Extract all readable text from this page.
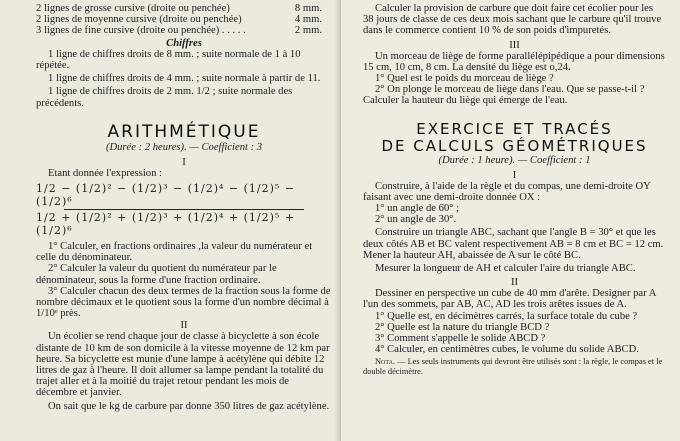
2 lignes de grosse cursive (droite ou penchée)	8 mm.
2 lignes de moyenne cursive (droite ou penchée)	4 mm.
3 lignes de fine cursive (droite ou penchée) . . . . .	2 mm.

Chiffres

1 ligne de chiffres droits de 8 mm. ; suite normale de 1 à 10 répétée.

1 ligne de chiffres droits de 4 mm. ; suite normale à partir de 11.

1 ligne de chiffres droits de 2 mm. 1/2 ; suite normale des précédents.

ARITHMÉTIQUE

(Durée : 2 heures). — Coefficient : 3

I

Etant donnée l'expression :

1/2 − (1/2)² − (1/2)³ − (1/2)⁴ − (1/2)⁵ − (1/2)⁶
1/2 + (1/2)² + (1/2)³ + (1/2)⁴ + (1/2)⁵ + (1/2)⁶

1° Calculer, en fractions ordinaires ,la valeur du numérateur et celle du dénominateur.

2° Calculer la valeur du quotient du numérateur par le dénominateur, sous la forme d'une fraction ordinaire.

3° Calculer chacun des deux termes de la fraction sous la forme de nombre décimaux et le quotient sous la forme d'un nombre décimal à 1/10ᵉ près.

II

Un écolier se rend chaque jour de classe à bicyclette à son école distante de 10 km de son domicile à la vitesse moyenne de 12 km par heure. Sa bicyclette est munie d'une lampe à acétylène qui débite 12 litres de gaz à l'heure. Il doit allumer sa lampe pendant la totalité du trajet aller et à la moitié du trajet retour pendant les mois de décembre et janvier.

On sait que le kg de carbure par donne 350 litres de gaz acétylène.

Calculer la provision de carbure que doit faire cet écolier pour les 38 jours de classe de ces deux mois sachant que le carbure qu'il trouve dans le commerce contient 10 % de son poids d'impuretés.

III

Un morceau de liège de forme parallélépipédique a pour dimensions 15 cm, 10 cm, 8 cm. La densité du liège est o,24.

1° Quel est le poids du morceau de liège ?

2° On plonge le morceau de liège dans l'eau. Que se passe-t-il ? Calculer la hauteur du liège qui émerge de l'eau.

EXERCICE ET TRACÉS
DE CALCULS GÉOMÉTRIQUES

(Durée : 1 heure). — Coefficient : 1

I

Construire, à l'aide de la règle et du compas, une demi-droite OY faisant avec une demi-droite donnée OX :

1° un angle de 60° ;

2° un angle de 30°.

Construire un triangle ABC, sachant que l'angle B = 30° et que les deux côtés AB et BC valent respectivement AB = 8 cm et BC = 12 cm. Mener la hauteur AH, abaissée de A sur le côté BC.

Mesurer la longueur de AH et calculer l'aire du triangle ABC.

II

Dessiner en perspective un cube de 40 mm d'arête. Designer par A l'un des sommets, par AB, AC, AD les trois arêtes issues de A.

1° Quelle est, en décimètres carrés, la surface totale du cube ?

2° Quelle est la nature du triangle BCD ?

3° Comment s'appelle le solide ABCD ?

4° Calculer, en centimètres cubes, le volume du solide ABCD.

Nota. — Les seuls instruments qui devront être utilisés sont : la règle, le compas et le double décimètre.
